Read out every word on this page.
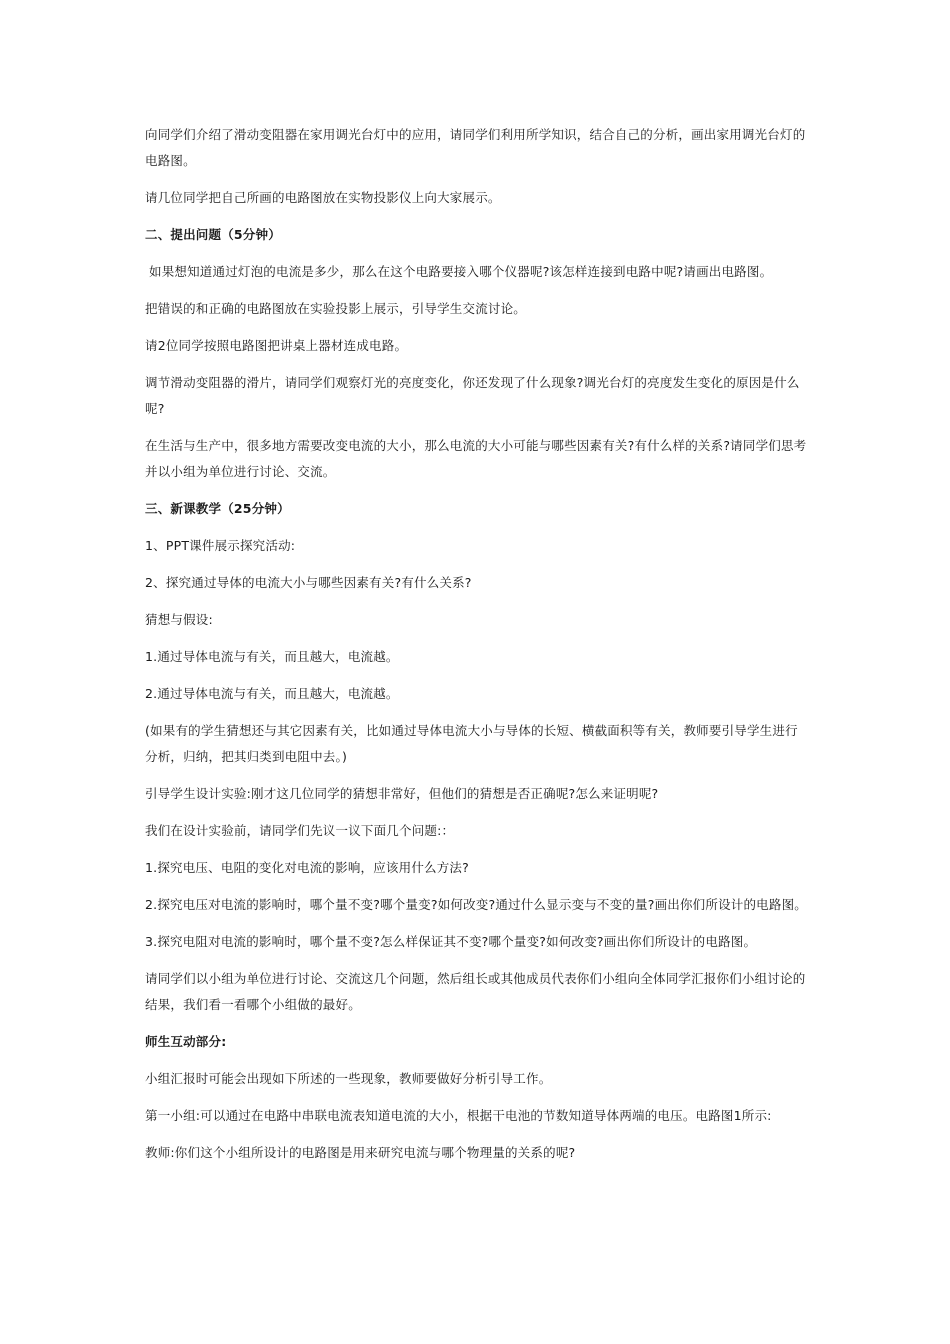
向同学们介绍了滑动变阻器在家用调光台灯中的应用，请同学们利用所学知识，结合自己的分析，画出家用调光台灯的电路图。

请几位同学把自己所画的电路图放在实物投影仪上向大家展示。

二、提出问题（5分钟）

如果想知道通过灯泡的电流是多少，那么在这个电路要接入哪个仪器呢?该怎样连接到电路中呢?请画出电路图。

把错误的和正确的电路图放在实验投影上展示，引导学生交流讨论。

请2位同学按照电路图把讲桌上器材连成电路。

调节滑动变阻器的滑片，请同学们观察灯光的亮度变化，你还发现了什么现象?调光台灯的亮度发生变化的原因是什么呢?

在生活与生产中，很多地方需要改变电流的大小，那么电流的大小可能与哪些因素有关?有什么样的关系?请同学们思考并以小组为单位进行讨论、交流。

三、新课教学（25分钟）

1、PPT课件展示探究活动:

2、探究通过导体的电流大小与哪些因素有关?有什么关系?

猜想与假设:

1.通过导体电流与有关，而且越大，电流越。

2.通过导体电流与有关，而且越大，电流越。

(如果有的学生猜想还与其它因素有关，比如通过导体电流大小与导体的长短、横截面积等有关，教师要引导学生进行分析，归纳，把其归类到电阻中去。)

引导学生设计实验:刚才这几位同学的猜想非常好，但他们的猜想是否正确呢?怎么来证明呢?

我们在设计实验前，请同学们先议一议下面几个问题:：

1.探究电压、电阻的变化对电流的影响，应该用什么方法?

2.探究电压对电流的影响时，哪个量不变?哪个量变?如何改变?通过什么显示变与不变的量?画出你们所设计的电路图。

3.探究电阻对电流的影响时，哪个量不变?怎么样保证其不变?哪个量变?如何改变?画出你们所设计的电路图。

请同学们以小组为单位进行讨论、交流这几个问题，然后组长或其他成员代表你们小组向全体同学汇报你们小组讨论的结果，我们看一看哪个小组做的最好。

师生互动部分:

小组汇报时可能会出现如下所述的一些现象，教师要做好分析引导工作。

第一小组:可以通过在电路中串联电流表知道电流的大小，根据干电池的节数知道导体两端的电压。电路图1所示:

教师:你们这个小组所设计的电路图是用来研究电流与哪个物理量的关系的呢?
